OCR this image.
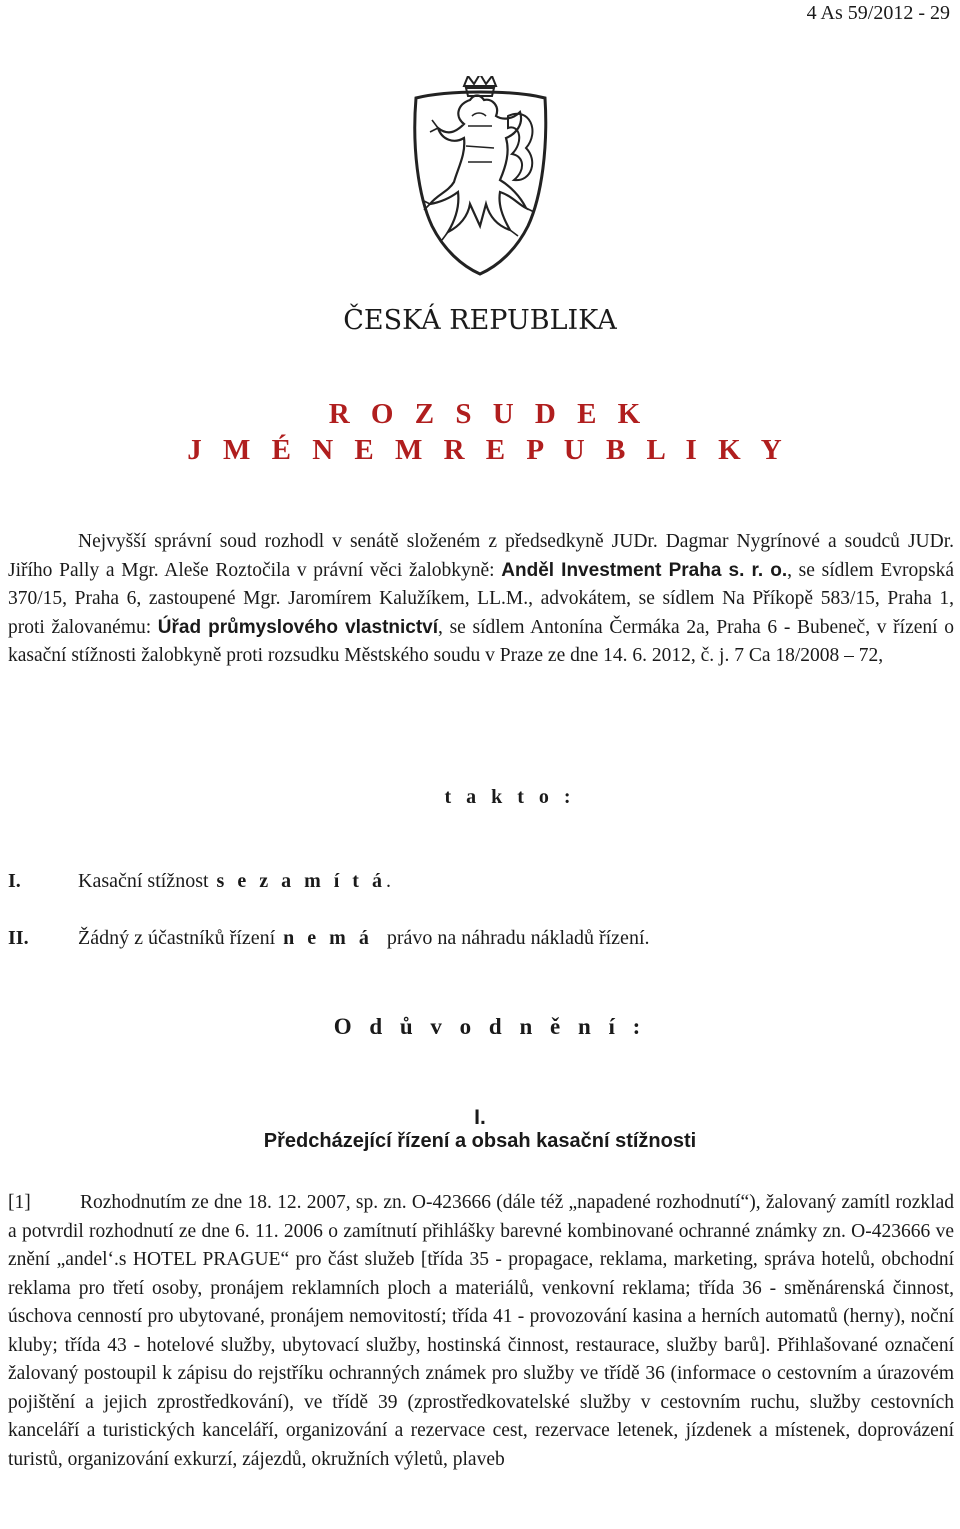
4 As 59/2012 - 29
ČESKÁ REPUBLIKA
R O Z S U D E K
J M É N E M R E P U B L I K Y
Nejvyšší správní soud rozhodl v senátě složeném z předsedkyně JUDr. Dagmar Nygrínové a soudců JUDr. Jiřího Pally a Mgr. Aleše Roztočila v právní věci žalobkyně: Anděl Investment Praha s. r. o., se sídlem Evropská 370/15, Praha 6, zastoupené Mgr. Jaromírem Kalužíkem, LL.M., advokátem, se sídlem Na Příkopě 583/15, Praha 1, proti žalovanému: Úřad průmyslového vlastnictví, se sídlem Antonína Čermáka 2a, Praha 6 - Bubeneč, v řízení o kasační stížnosti žalobkyně proti rozsudku Městského soudu v Praze ze dne 14. 6. 2012, č. j. 7 Ca 18/2008 – 72,
t a k t o :
I.	Kasační stížnost s e z a m í t á.
II. Žádný z účastníků řízení n e m á právo na náhradu nákladů řízení.
O d ů v o d n ě n í :
I.
Předcházející řízení a obsah kasační stížnosti
[1]	Rozhodnutím ze dne 18. 12. 2007, sp. zn. O-423666 (dále též „napadené rozhodnutí“), žalovaný zamítl rozklad a potvrdil rozhodnutí ze dne 6. 11. 2006 o zamítnutí přihlášky barevné kombinované ochranné známky zn. O-423666 ve znění „andel‘.s HOTEL PRAGUE“ pro část služeb [třída 35 - propagace, reklama, marketing, správa hotelů, obchodní reklama pro třetí osoby, pronájem reklamních ploch a materiálů, venkovní reklama; třída 36 - směnárenská činnost, úschova cenností pro ubytované, pronájem nemovitostí; třída 41 - provozování kasina a herních automatů (herny), noční kluby; třída 43 - hotelové služby, ubytovací služby, hostinská činnost, restaurace, služby barů]. Přihlašované označení žalovaný postoupil k zápisu do rejstříku ochranných známek pro služby ve třídě 36 (informace o cestovním a úrazovém pojištění a jejich zprostředkování), ve třídě 39 (zprostředkovatelské služby v cestovním ruchu, služby cestovních kanceláří a turistických kanceláří, organizování a rezervace cest, rezervace letenek, jízdenek a místenek, doprovázení turistů, organizování exkurzí, zájezdů, okružních výletů, plaveb
